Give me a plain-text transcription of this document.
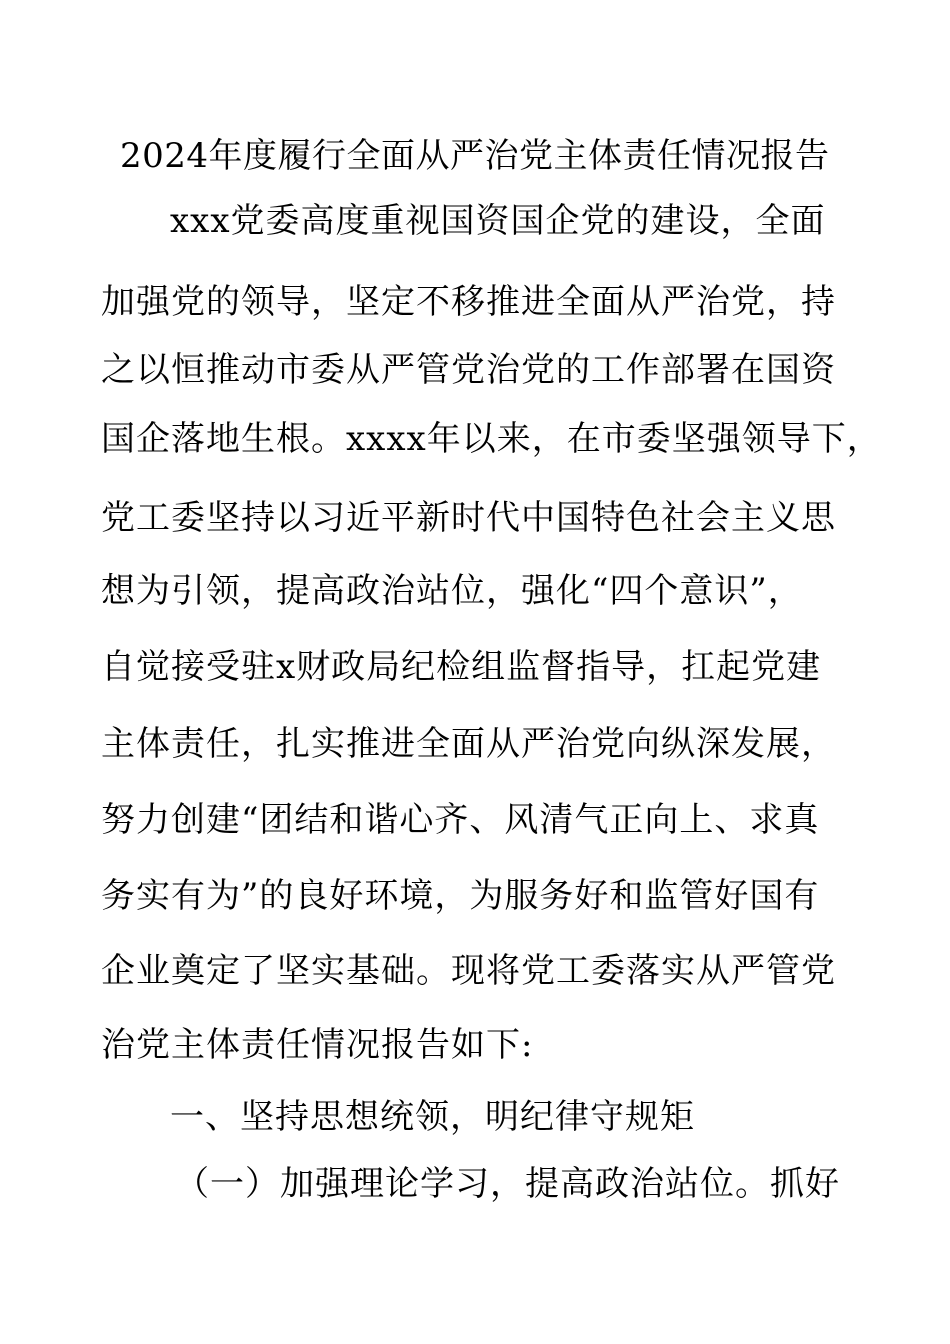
2024年度履行全面从严治党主体责任情况报告
xxx党委高度重视国资国企党的建设，全面
加强党的领导，坚定不移推进全面从严治党，持
之以恒推动市委从严管党治党的工作部署在国资
国企落地生根。xxxx年以来，在市委坚强领导下，
党工委坚持以习近平新时代中国特色社会主义思
想为引领，提高政治站位，强化“四个意识”，
自觉接受驻x财政局纪检组监督指导，扛起党建
主体责任，扎实推进全面从严治党向纵深发展，
努力创建“团结和谐心齐、风清气正向上、求真
务实有为”的良好环境，为服务好和监管好国有
企业奠定了坚实基础。现将党工委落实从严管党
治党主体责任情况报告如下:
一、坚持思想统领，明纪律守规矩
（一）加强理论学习，提高政治站位。抓好
